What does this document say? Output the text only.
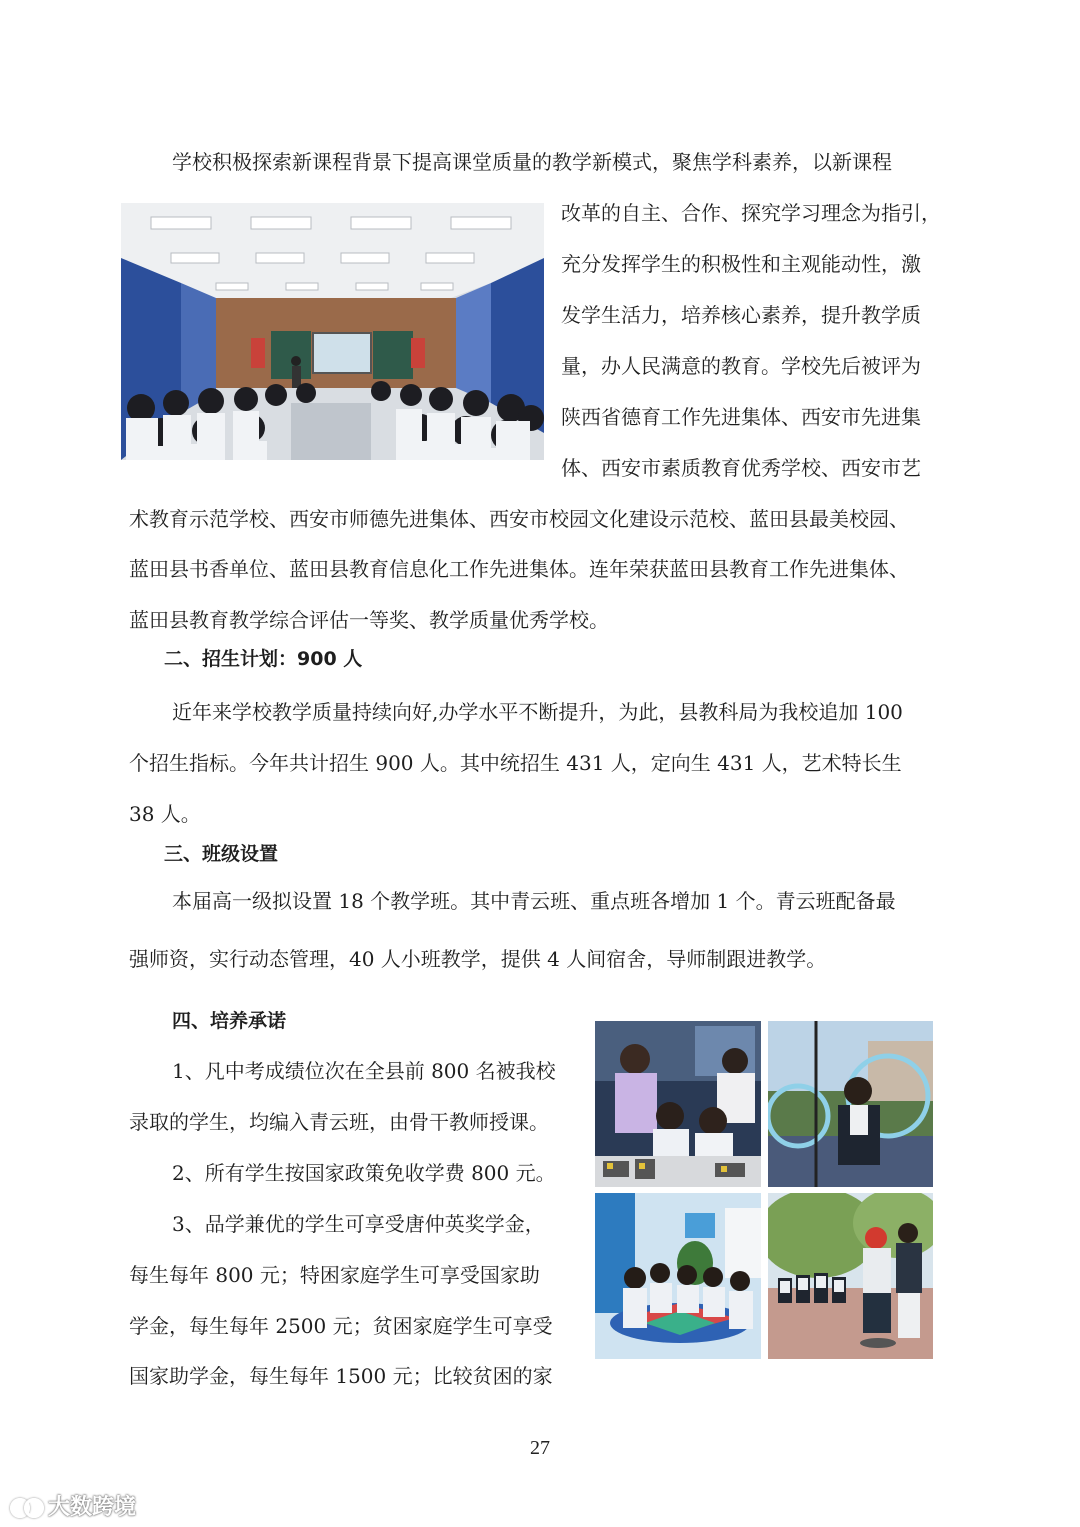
学校积极探索新课程背景下提高课堂质量的教学新模式，聚焦学科素养，以新课程
改革的自主、合作、探究学习理念为指引，
充分发挥学生的积极性和主观能动性，激
发学生活力，培养核心素养，提升教学质
量，办人民满意的教育。学校先后被评为
陕西省德育工作先进集体、西安市先进集
体、西安市素质教育优秀学校、西安市艺
术教育示范学校、西安市师德先进集体、西安市校园文化建设示范校、蓝田县最美校园、
蓝田县书香单位、蓝田县教育信息化工作先进集体。连年荣获蓝田县教育工作先进集体、
蓝田县教育教学综合评估一等奖、教学质量优秀学校。
二、招生计划：900 人
近年来学校教学质量持续向好,办学水平不断提升，为此，县教科局为我校追加 100
个招生指标。今年共计招生 900 人。其中统招生 431 人，定向生 431 人，艺术特长生
38 人。
三、班级设置
本届高一级拟设置 18 个教学班。其中青云班、重点班各增加 1 个。青云班配备最
强师资，实行动态管理，40 人小班教学，提供 4 人间宿舍，导师制跟进教学。
四、培养承诺
1、凡中考成绩位次在全县前 800 名被我校
录取的学生，均编入青云班，由骨干教师授课。
2、所有学生按国家政策免收学费 800 元。
3、品学兼优的学生可享受唐仲英奖学金，
每生每年 800 元；特困家庭学生可享受国家助
学金，每生每年 2500 元；贫困家庭学生可享受
国家助学金，每生每年 1500 元；比较贫困的家
27
大数跨境
